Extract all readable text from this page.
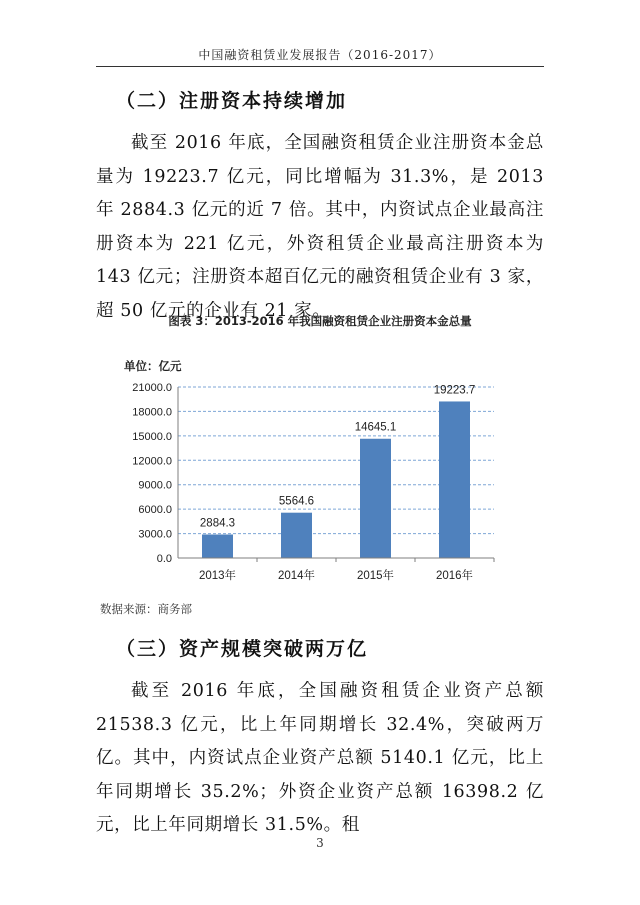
中国融资租赁业发展报告（2016-2017）
（二）注册资本持续增加

截至 2016 年底，全国融资租赁企业注册资本金总量为 19223.7 亿元，同比增幅为 31.3%，是 2013 年 2884.3 亿元的近 7 倍。其中，内资试点企业最高注册资本为 221 亿元，外资租赁企业最高注册资本为 143 亿元；注册资本超百亿元的融资租赁企业有 3 家，超 50 亿元的企业有 21 家。

图表 3：2013-2016 年我国融资租赁企业注册资本金总量
单位：亿元
0.0
3000.0
6000.0
9000.0
12000.0
15000.0
18000.0
21000.0
2013年	2014年	2015年	2016年
2884.3
5564.6
14645.1
19223.7
数据来源：商务部
（三）资产规模突破两万亿

截至 2016 年底，全国融资租赁企业资产总额 21538.3 亿元，比上年同期增长 32.4%，突破两万亿。其中，内资试点企业资产总额 5140.1 亿元，比上年同期增长 35.2%；外资企业资产总额 16398.2 亿元，比上年同期增长 31.5%。租

3
